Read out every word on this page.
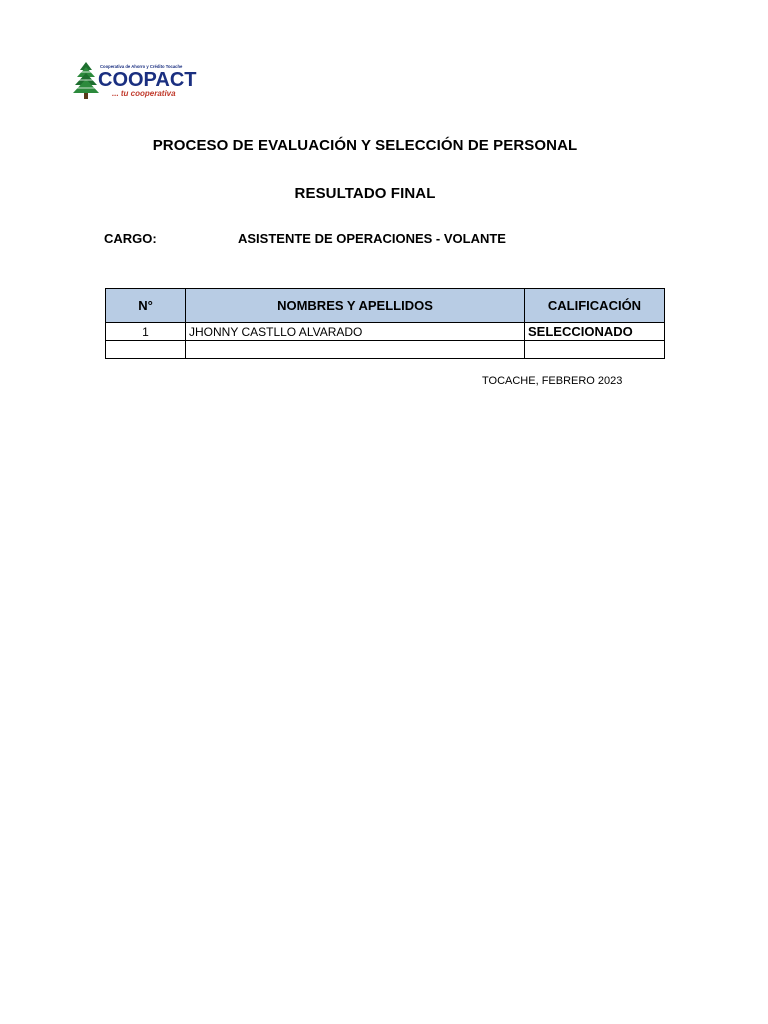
Cooperativa de Ahorro y Crédito Tocache
COOPACT
... tu cooperativa
PROCESO DE EVALUACIÓN Y SELECCIÓN DE PERSONAL
RESULTADO FINAL
CARGO:	ASISTENTE DE OPERACIONES - VOLANTE
N°	NOMBRES Y APELLIDOS	CALIFICACIÓN
1	JHONNY CASTLLO ALVARADO	SELECCIONADO

TOCACHE, FEBRERO 2023
